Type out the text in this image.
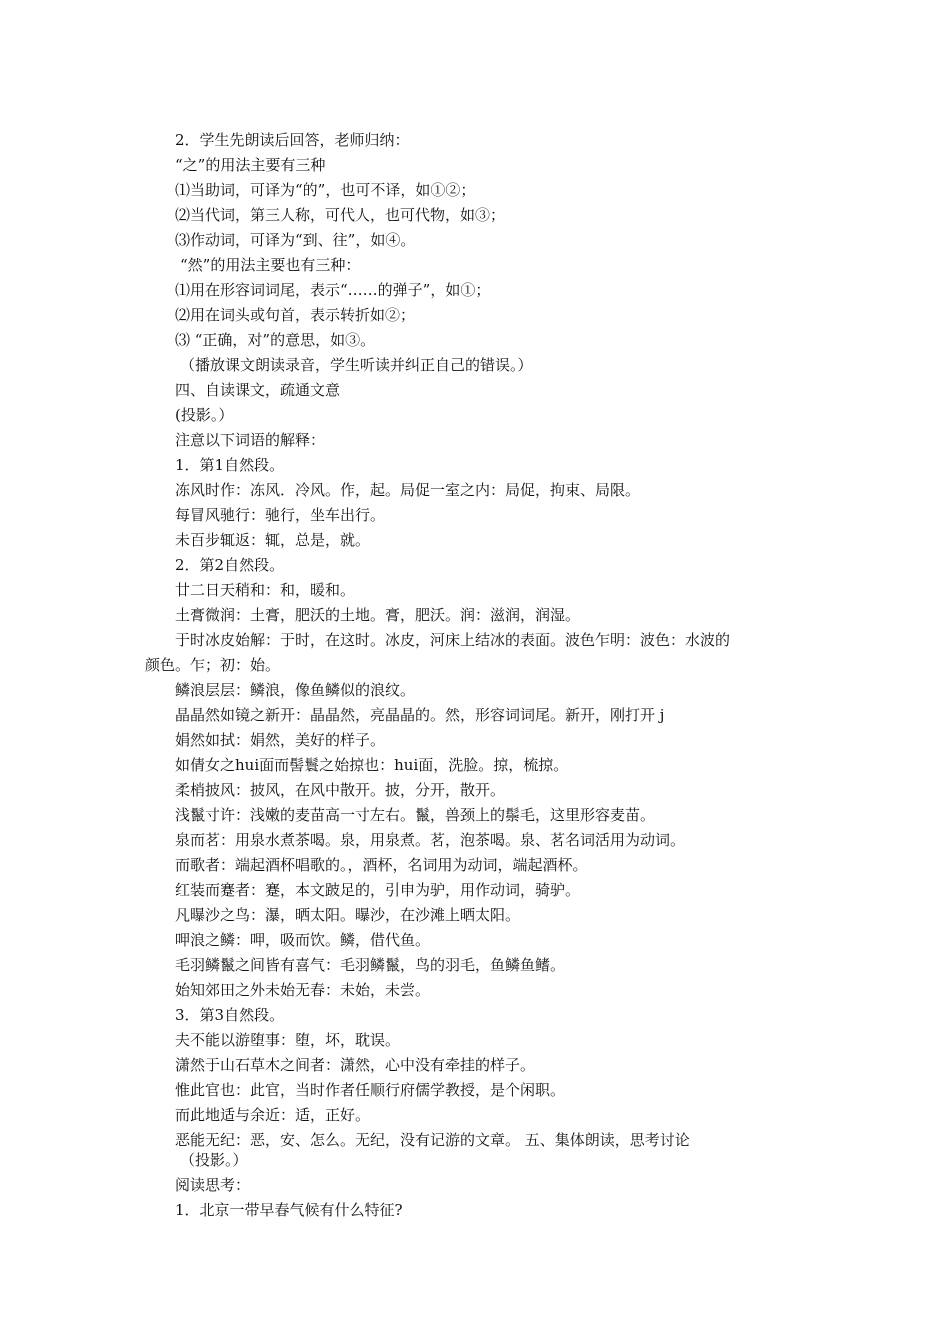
2．学生先朗读后回答，老师归纳：
“之”的用法主要有三种
⑴当助词，可译为“的”，也可不译，如①②；
⑵当代词，第三人称，可代人，也可代物，如③；
⑶作动词，可译为“到、往”，如④。
“然”的用法主要也有三种：
⑴用在形容词词尾，表示“……的弹子”，如①；
⑵用在词头或句首，表示转折如②；
⑶ “正确，对”的意思，如③。
（播放课文朗读录音，学生听读并纠正自己的错误。）
四、自读课文，疏通文意
(投影。）
注意以下词语的解释：
1．第1自然段。
冻风时作：冻风．冷风。作，起。局促一室之内：局促，拘束、局限。
每冒风驰行：驰行，坐车出行。
未百步辄返：辄，总是，就。
2．第2自然段。
廿二日天稍和：和，暖和。
土膏微润：土膏，肥沃的土地。膏，肥沃。润：滋润，润湿。
于时冰皮始解：于时，在这时。冰皮，河床上结冰的表面。波色乍明：波色：水波的
颜色。乍；初：始。
鳞浪层层：鳞浪，像鱼鳞似的浪纹。
晶晶然如镜之新开：晶晶然，亮晶晶的。然，形容词词尾。新开，刚打开 j
娟然如拭：娟然，美好的样子。
如倩女之hui面而髻鬟之始掠也：hui面，洗脸。掠，梳掠。
柔梢披风：披风，在风中散开。披，分开，散开。
浅鬣寸许：浅嫩的麦苗高一寸左右。鬣，兽颈上的鬃毛，这里形容麦苗。
泉而茗：用泉水煮茶喝。泉，用泉煮。茗，泡茶喝。泉、茗名词活用为动词。
而歌者：端起酒杯唱歌的。，酒杯，名词用为动词，端起酒杯。
红装而蹇者：蹇，本文跛足的，引申为驴，用作动词，骑驴。
凡曝沙之鸟：瀑，晒太阳。曝沙，在沙滩上晒太阳。
呷浪之鳞：呷，吸而饮。鳞，借代鱼。
毛羽鳞鬣之间皆有喜气：毛羽鳞鬣，鸟的羽毛，鱼鳞鱼鳍。
始知郊田之外未始无春：未始，未尝。
3．第3自然段。
夫不能以游堕事：堕，坏，耽误。
潇然于山石草木之间者：潇然，心中没有牵挂的样子。
惟此官也：此官，当时作者任顺行府儒学教授，是个闲职。
而此地适与余近：适，正好。
恶能无纪：恶，安、怎么。无纪，没有记游的文章。 五、集体朗读，思考讨论
（投影。）
阅读思考：
1．北京一带早春气候有什么特征?
